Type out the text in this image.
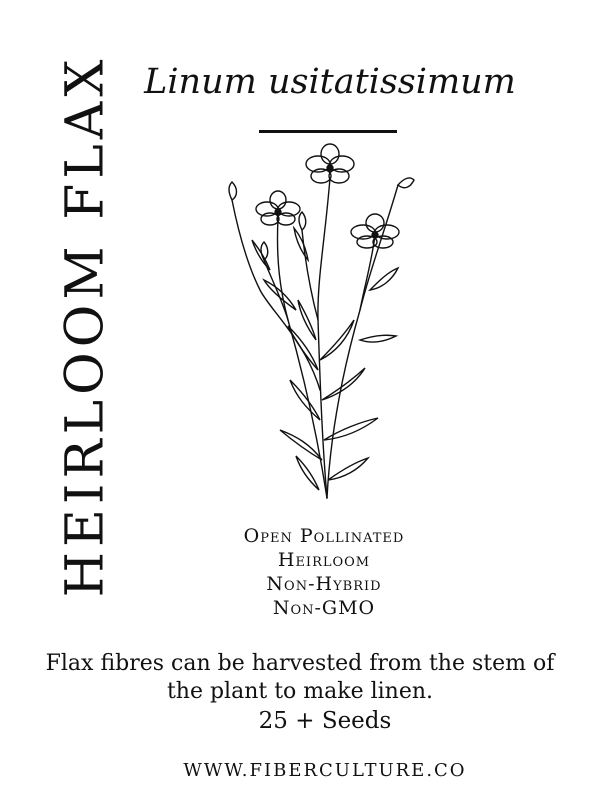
HEIRLOOM FLAX Linum usitatissimum
Open Pollinated
Heirloom
Non-Hybrid
Non-GMO
Flax fibres can be harvested from the stem of the plant to make linen.
25 + Seeds
WWW.FIBERCULTURE.CO
